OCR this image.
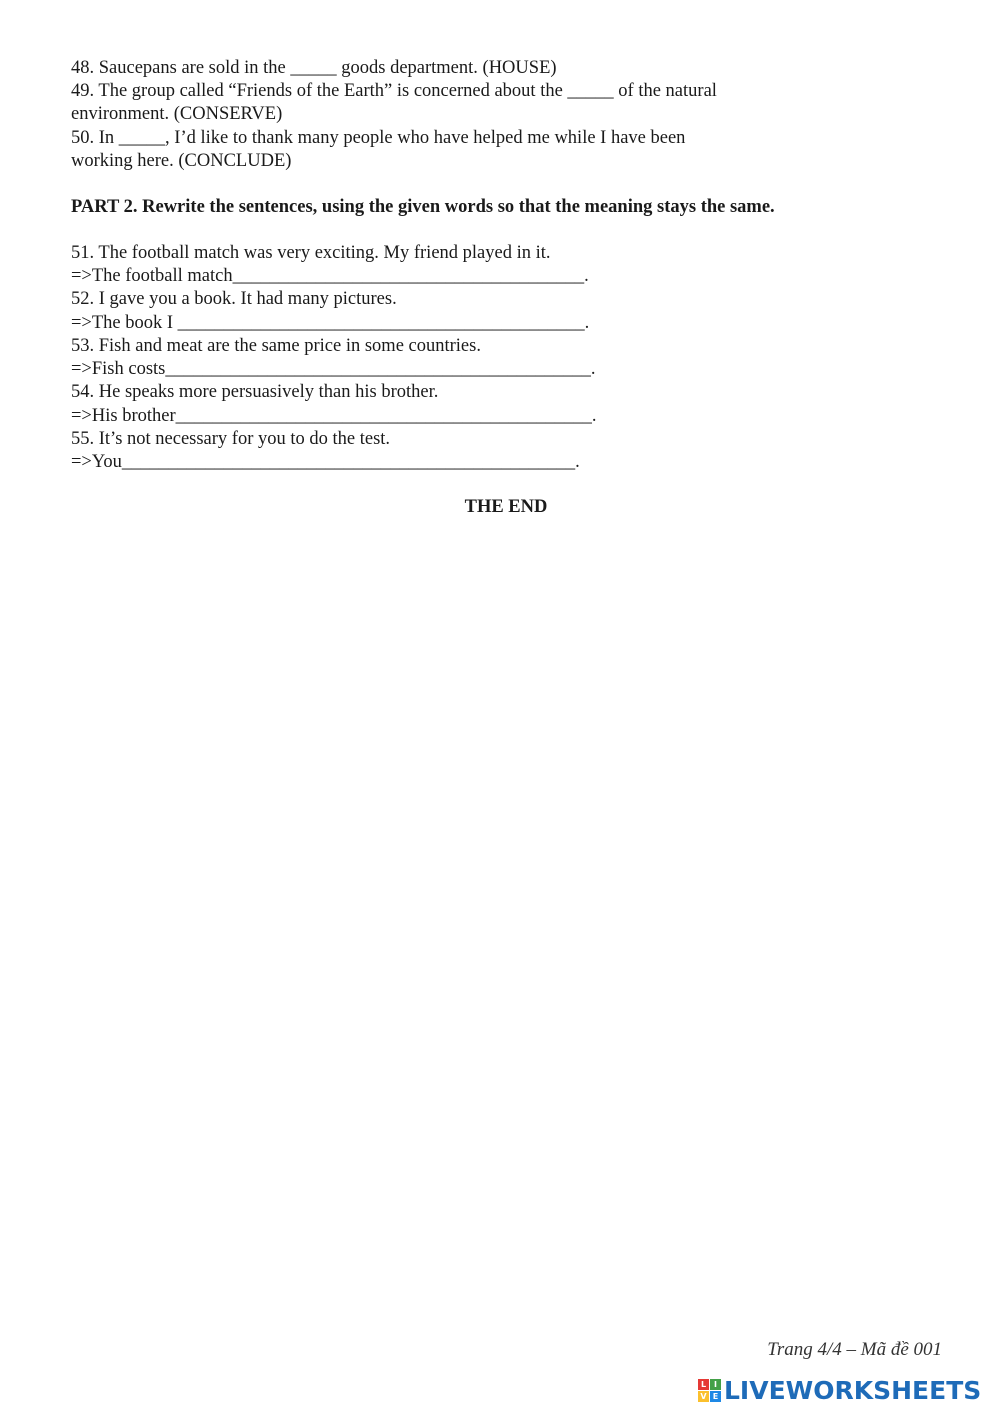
48. Saucepans are sold in the _____ goods department. (HOUSE)
49. The group called “Friends of the Earth” is concerned about the _____ of the natural
environment. (CONSERVE)
50. In _____, I’d like to thank many people who have helped me while I have been
working here. (CONCLUDE)
PART 2. Rewrite the sentences, using the given words so that the meaning stays the same.
51. The football match was very exciting. My friend played in it.
=>The football match______________________________________.
52. I gave you a book. It had many pictures.
=>The book I ____________________________________________.
53. Fish and meat are the same price in some countries.
=>Fish costs______________________________________________.
54. He speaks more persuasively than his brother.
=>His brother_____________________________________________.
55. It’s not necessary for you to do the test.
=>You_________________________________________________.
THE END
Trang 4/4 – Mã đề 001
L I
V E LIVEWORKSHEETS
